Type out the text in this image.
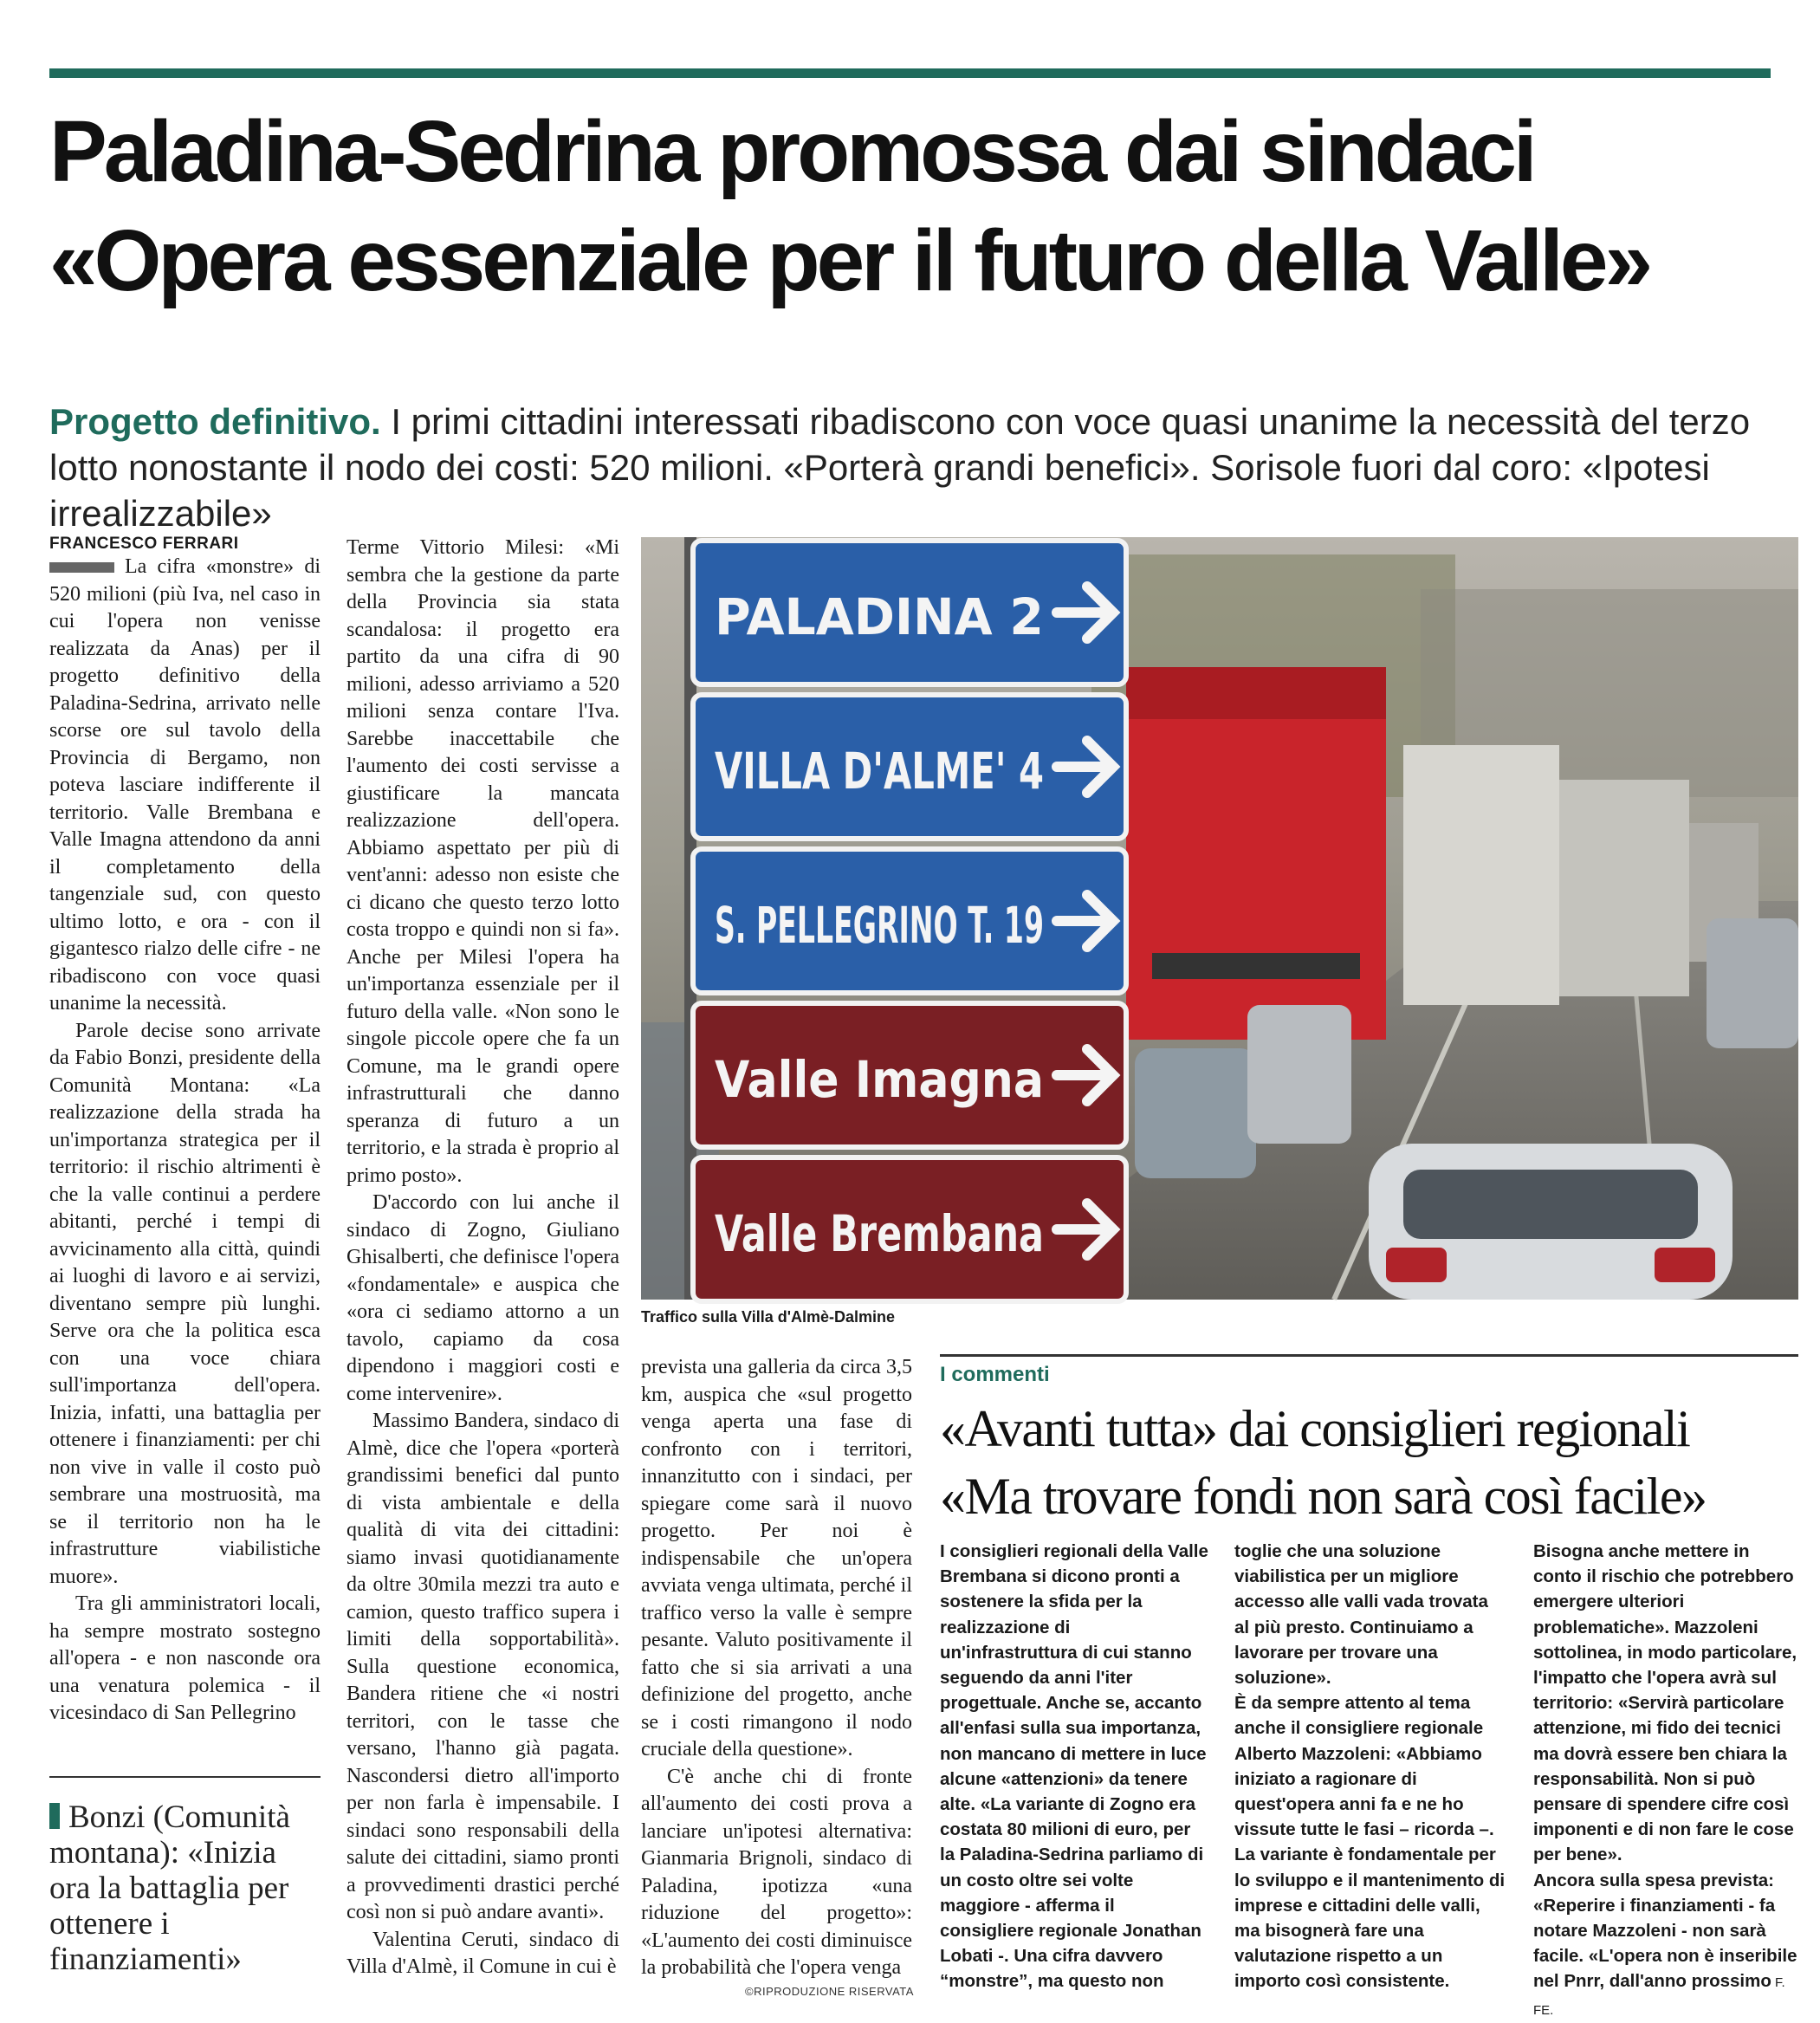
Paladina-Sedrina promossa dai sindaci
«Opera essenziale per il futuro della Valle»
Progetto definitivo. I primi cittadini interessati ribadiscono con voce quasi unanime la necessità del terzo lotto nonostante il nodo dei costi: 520 milioni. «Porterà grandi benefici». Sorisole fuori dal coro: «Ipotesi irrealizzabile»
FRANCESCO FERRARI

La cifra «monstre» di 520 milioni (più Iva, nel caso in cui l'opera non venisse realizzata da Anas) per il progetto definitivo della Paladina-Sedrina, arrivato nelle scorse ore sul tavolo della Provincia di Bergamo, non poteva lasciare indifferente il territorio. Valle Brembana e Valle Imagna attendono da anni il completamento della tangenziale sud, con questo ultimo lotto, e ora - con il gigantesco rialzo delle cifre - ne ribadiscono con voce quasi unanime la necessità.

Parole decise sono arrivate da Fabio Bonzi, presidente della Comunità Montana: «La realizzazione della strada ha un'importanza strategica per il territorio: il rischio altrimenti è che la valle continui a perdere abitanti, perché i tempi di avvicinamento alla città, quindi ai luoghi di lavoro e ai servizi, diventano sempre più lunghi. Serve ora che la politica esca con una voce chiara sull'importanza dell'opera. Inizia, infatti, una battaglia per ottenere i finanziamenti: per chi non vive in valle il costo può sembrare una mostruosità, ma se il territorio non ha le infrastrutture viabilistiche muore».

Tra gli amministratori locali, ha sempre mostrato sostegno all'opera - e non nasconde ora una venatura polemica - il vicesindaco di San Pellegrino

Terme Vittorio Milesi: «Mi sembra che la gestione da parte della Provincia sia stata scandalosa: il progetto era partito da una cifra di 90 milioni, adesso arriviamo a 520 milioni senza contare l'Iva. Sarebbe inaccettabile che l'aumento dei costi servisse a giustificare la mancata realizzazione dell'opera. Abbiamo aspettato per più di vent'anni: adesso non esiste che ci dicano che questo terzo lotto costa troppo e quindi non si fa». Anche per Milesi l'opera ha un'importanza essenziale per il futuro della valle. «Non sono le singole piccole opere che fa un Comune, ma le grandi opere infrastrutturali che danno speranza di futuro a un territorio, e la strada è proprio al primo posto».

D'accordo con lui anche il sindaco di Zogno, Giuliano Ghisalberti, che definisce l'opera «fondamentale» e auspica che «ora ci sediamo attorno a un tavolo, capiamo da cosa dipendono i maggiori costi e come intervenire».

Massimo Bandera, sindaco di Almè, dice che l'opera «porterà grandissimi benefici dal punto di vista ambientale e della qualità di vita dei cittadini: siamo invasi quotidianamente da oltre 30mila mezzi tra auto e camion, questo traffico supera i limiti della sopportabilità». Sulla questione economica, Bandera ritiene che «i nostri territori, con le tasse che versano, l'hanno già pagata. Nascondersi dietro all'importo per non farla è impensabile. I sindaci sono responsabili della salute dei cittadini, siamo pronti a provvedimenti drastici perché così non si può andare avanti».

Valentina Ceruti, sindaco di Villa d'Almè, il Comune in cui è

prevista una galleria da circa 3,5 km, auspica che «sul progetto venga aperta una fase di confronto con i territori, innanzitutto con i sindaci, per spiegare come sarà il nuovo progetto. Per noi è indispensabile che un'opera avviata venga ultimata, perché il traffico verso la valle è sempre pesante. Valuto positivamente il fatto che si sia arrivati a una definizione del progetto, anche se i costi rimangono il nodo cruciale della questione».

C'è anche chi di fronte all'aumento dei costi prova a lanciare un'ipotesi alternativa: Gianmaria Brignoli, sindaco di Paladina, ipotizza «una riduzione del progetto»: «L'aumento dei costi diminuisce la probabilità che l'opera venga

Bonzi (Comunità montana): «Inizia ora la battaglia per ottenere i finanziamenti»
PALADINA 2
VILLA D'ALME' 4
S. PELLEGRINO T. 19
Valle Imagna
Valle Brembana
Traffico sulla Villa d'Almè-Dalmine
©RIPRODUZIONE RISERVATA
I commenti
«Avanti tutta» dai consiglieri regionali
«Ma trovare fondi non sarà così facile»

I consiglieri regionali della Valle Brembana si dicono pronti a sostenere la sfida per la realizzazione di un'infrastruttura di cui stanno seguendo da anni l'iter progettuale. Anche se, accanto all'enfasi sulla sua importanza, non mancano di mettere in luce alcune «attenzioni» da tenere alte. «La variante di Zogno era costata 80 milioni di euro, per la Paladina-Sedrina parliamo di un costo oltre sei volte maggiore - afferma il consigliere regionale Jonathan Lobati -. Una cifra davvero “monstre”, ma questo non

toglie che una soluzione viabilistica per un migliore accesso alle valli vada trovata al più presto. Continuiamo a lavorare per trovare una soluzione».

È da sempre attento al tema anche il consigliere regionale Alberto Mazzoleni: «Abbiamo iniziato a ragionare di quest'opera anni fa e ne ho vissute tutte le fasi – ricorda –. La variante è fondamentale per lo sviluppo e il mantenimento di imprese e cittadini delle valli, ma bisognerà fare una valutazione rispetto a un importo così consistente.

Bisogna anche mettere in conto il rischio che potrebbero emergere ulteriori problematiche». Mazzoleni sottolinea, in modo particolare, l'impatto che l'opera avrà sul territorio: «Servirà particolare attenzione, mi fido dei tecnici ma dovrà essere ben chiara la responsabilità. Non si può pensare di spendere cifre così imponenti e di non fare le cose per bene».

Ancora sulla spesa prevista: «Reperire i finanziamenti - fa notare Mazzoleni - non sarà facile. «L'opera non è inseribile nel Pnrr, dall'anno prossimo F. FE.
